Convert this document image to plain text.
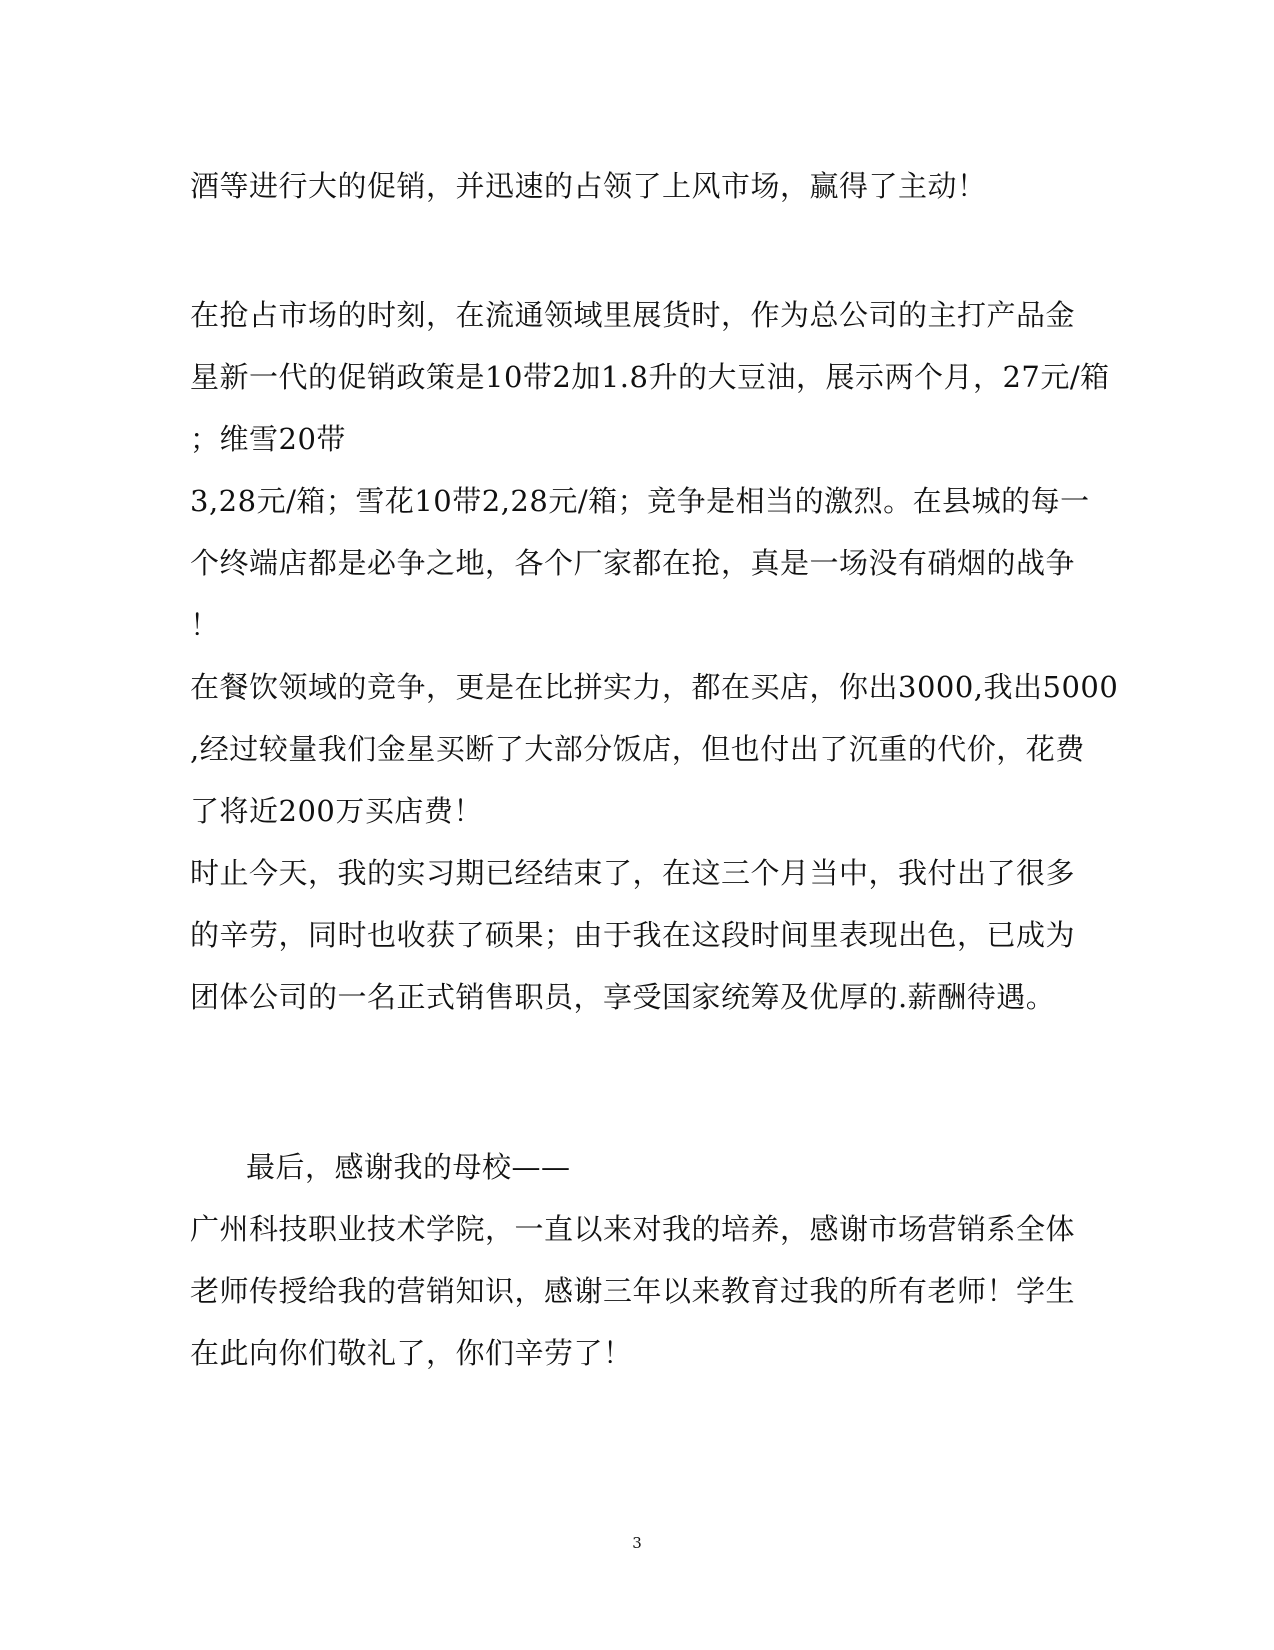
酒等进行大的促销，并迅速的占领了上风市场，赢得了主动！
在抢占市场的时刻，在流通领域里展货时，作为总公司的主打产品金
星新一代的促销政策是10带2加1.8升的大豆油，展示两个月，27元/箱
；维雪20带
3,28元/箱；雪花10带2,28元/箱；竞争是相当的激烈。在县城的每一
个终端店都是必争之地，各个厂家都在抢，真是一场没有硝烟的战争
！
在餐饮领域的竞争，更是在比拼实力，都在买店，你出3000,我出5000
,经过较量我们金星买断了大部分饭店，但也付出了沉重的代价，花费
了将近200万买店费！
时止今天，我的实习期已经结束了，在这三个月当中，我付出了很多
的辛劳，同时也收获了硕果；由于我在这段时间里表现出色，已成为
团体公司的一名正式销售职员，享受国家统筹及优厚的.薪酬待遇。
最后，感谢我的母校——
广州科技职业技术学院，一直以来对我的培养，感谢市场营销系全体
老师传授给我的营销知识，感谢三年以来教育过我的所有老师！学生
在此向你们敬礼了，你们辛劳了！
3
